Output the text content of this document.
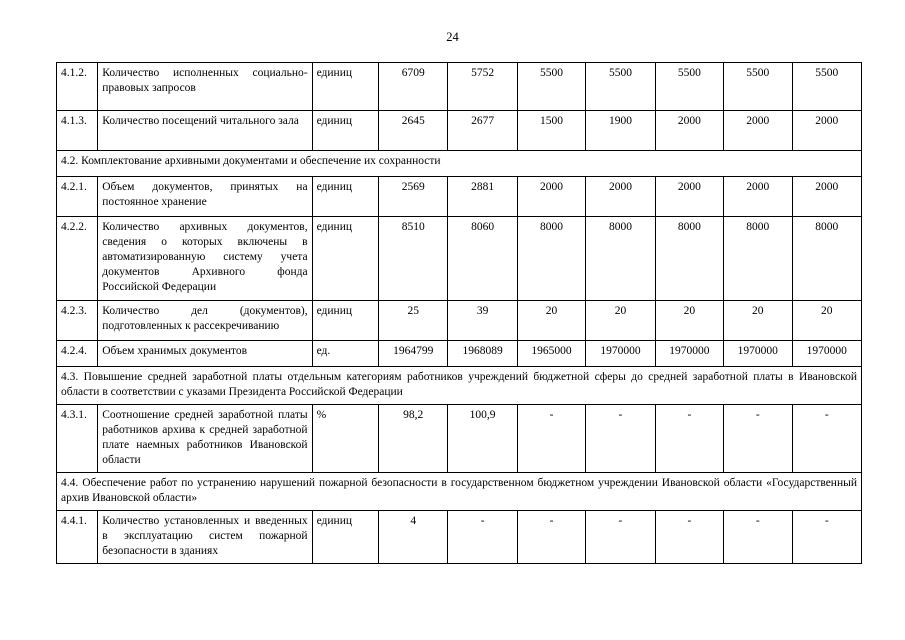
24
4.1.2.	Количество исполненных социально-правовых запросов	единиц	6709	5752	5500	5500	5500	5500	5500
4.1.3.	Количество посещений читального зала	единиц	2645	2677	1500	1900	2000	2000	2000
4.2. Комплектование архивными документами и обеспечение их сохранности									
4.2.1.	Объем документов, принятых на постоянное хранение	единиц	2569	2881	2000	2000	2000	2000	2000
4.2.2.	Количество архивных документов, сведения о которых включены в автоматизированную систему учета документов Архивного фонда Российской Федерации	единиц	8510	8060	8000	8000	8000	8000	8000
4.2.3.	Количество дел (документов), подготовленных к рассекречиванию	единиц	25	39	20	20	20	20	20
4.2.4.	Объем хранимых документов	ед.	1964799	1968089	1965000	1970000	1970000	1970000	1970000
4.3. Повышение средней заработной платы отдельным категориям работников учреждений бюджетной сферы до средней заработной платы в Ивановской области в соответствии с указами Президента Российской Федерации									
4.3.1.	Соотношение средней заработной платы работников архива к средней заработной плате наемных работников Ивановской области	%	98,2	100,9	-	-	-	-	-
4.4. Обеспечение работ по устранению нарушений пожарной безопасности в государственном бюджетном учреждении Ивановской области «Государственный архив Ивановской области»									
4.4.1.	Количество установленных и введенных в эксплуатацию систем пожарной безопасности в зданиях	единиц	4	-	-	-	-	-	-
